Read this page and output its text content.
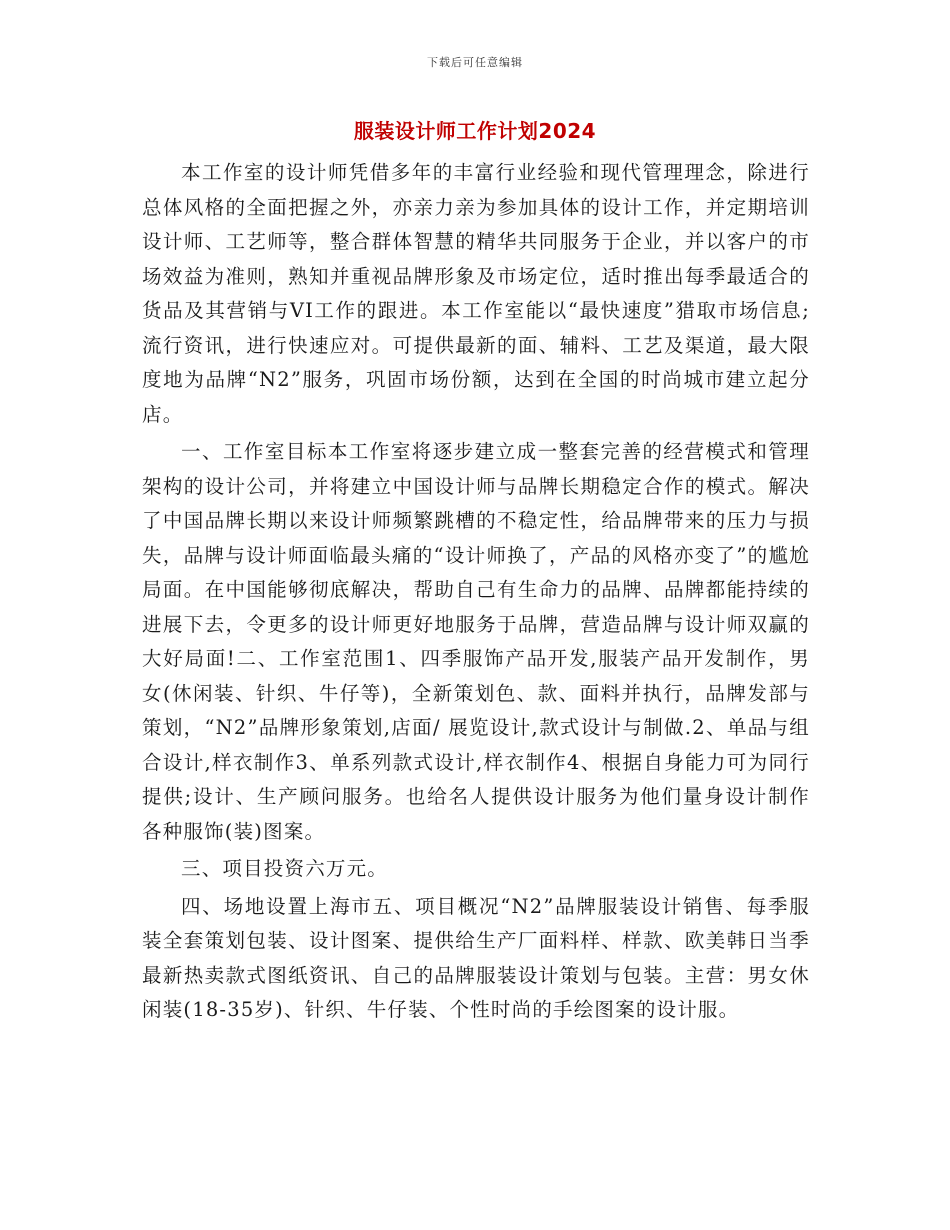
下载后可任意编辑
服装设计师工作计划2024

本工作室的设计师凭借多年的丰富行业经验和现代管理理念，除进行总体风格的全面把握之外，亦亲力亲为参加具体的设计工作，并定期培训设计师、工艺师等，整合群体智慧的精华共同服务于企业，并以客户的市场效益为准则，熟知并重视品牌形象及市场定位，适时推出每季最适合的货品及其营销与VI工作的跟进。本工作室能以“最快速度”猎取市场信息;流行资讯，进行快速应对。可提供最新的面、辅料、工艺及渠道，最大限度地为品牌“N2”服务，巩固市场份额，达到在全国的时尚城市建立起分店。

一、工作室目标本工作室将逐步建立成一整套完善的经营模式和管理架构的设计公司，并将建立中国设计师与品牌长期稳定合作的模式。解决了中国品牌长期以来设计师频繁跳槽的不稳定性，给品牌带来的压力与损失，品牌与设计师面临最头痛的“设计师换了，产品的风格亦变了”的尴尬局面。在中国能够彻底解决，帮助自己有生命力的品牌、品牌都能持续的进展下去，令更多的设计师更好地服务于品牌，营造品牌与设计师双赢的大好局面!二、工作室范围1、四季服饰产品开发,服装产品开发制作，男女(休闲装、针织、牛仔等)，全新策划色、款、面料并执行，品牌发部与策划，“N2”品牌形象策划,店面/ 展览设计,款式设计与制做.2、单品与组合设计,样衣制作3、单系列款式设计,样衣制作4、根据自身能力可为同行提供;设计、生产顾问服务。也给名人提供设计服务为他们量身设计制作各种服饰(装)图案。

三、项目投资六万元。

四、场地设置上海市五、项目概况“N2”品牌服装设计销售、每季服装全套策划包装、设计图案、提供给生产厂面料样、样款、欧美韩日当季最新热卖款式图纸资讯、自己的品牌服装设计策划与包装。主营：男女休闲装(18-35岁)、针织、牛仔装、个性时尚的手绘图案的设计服。
